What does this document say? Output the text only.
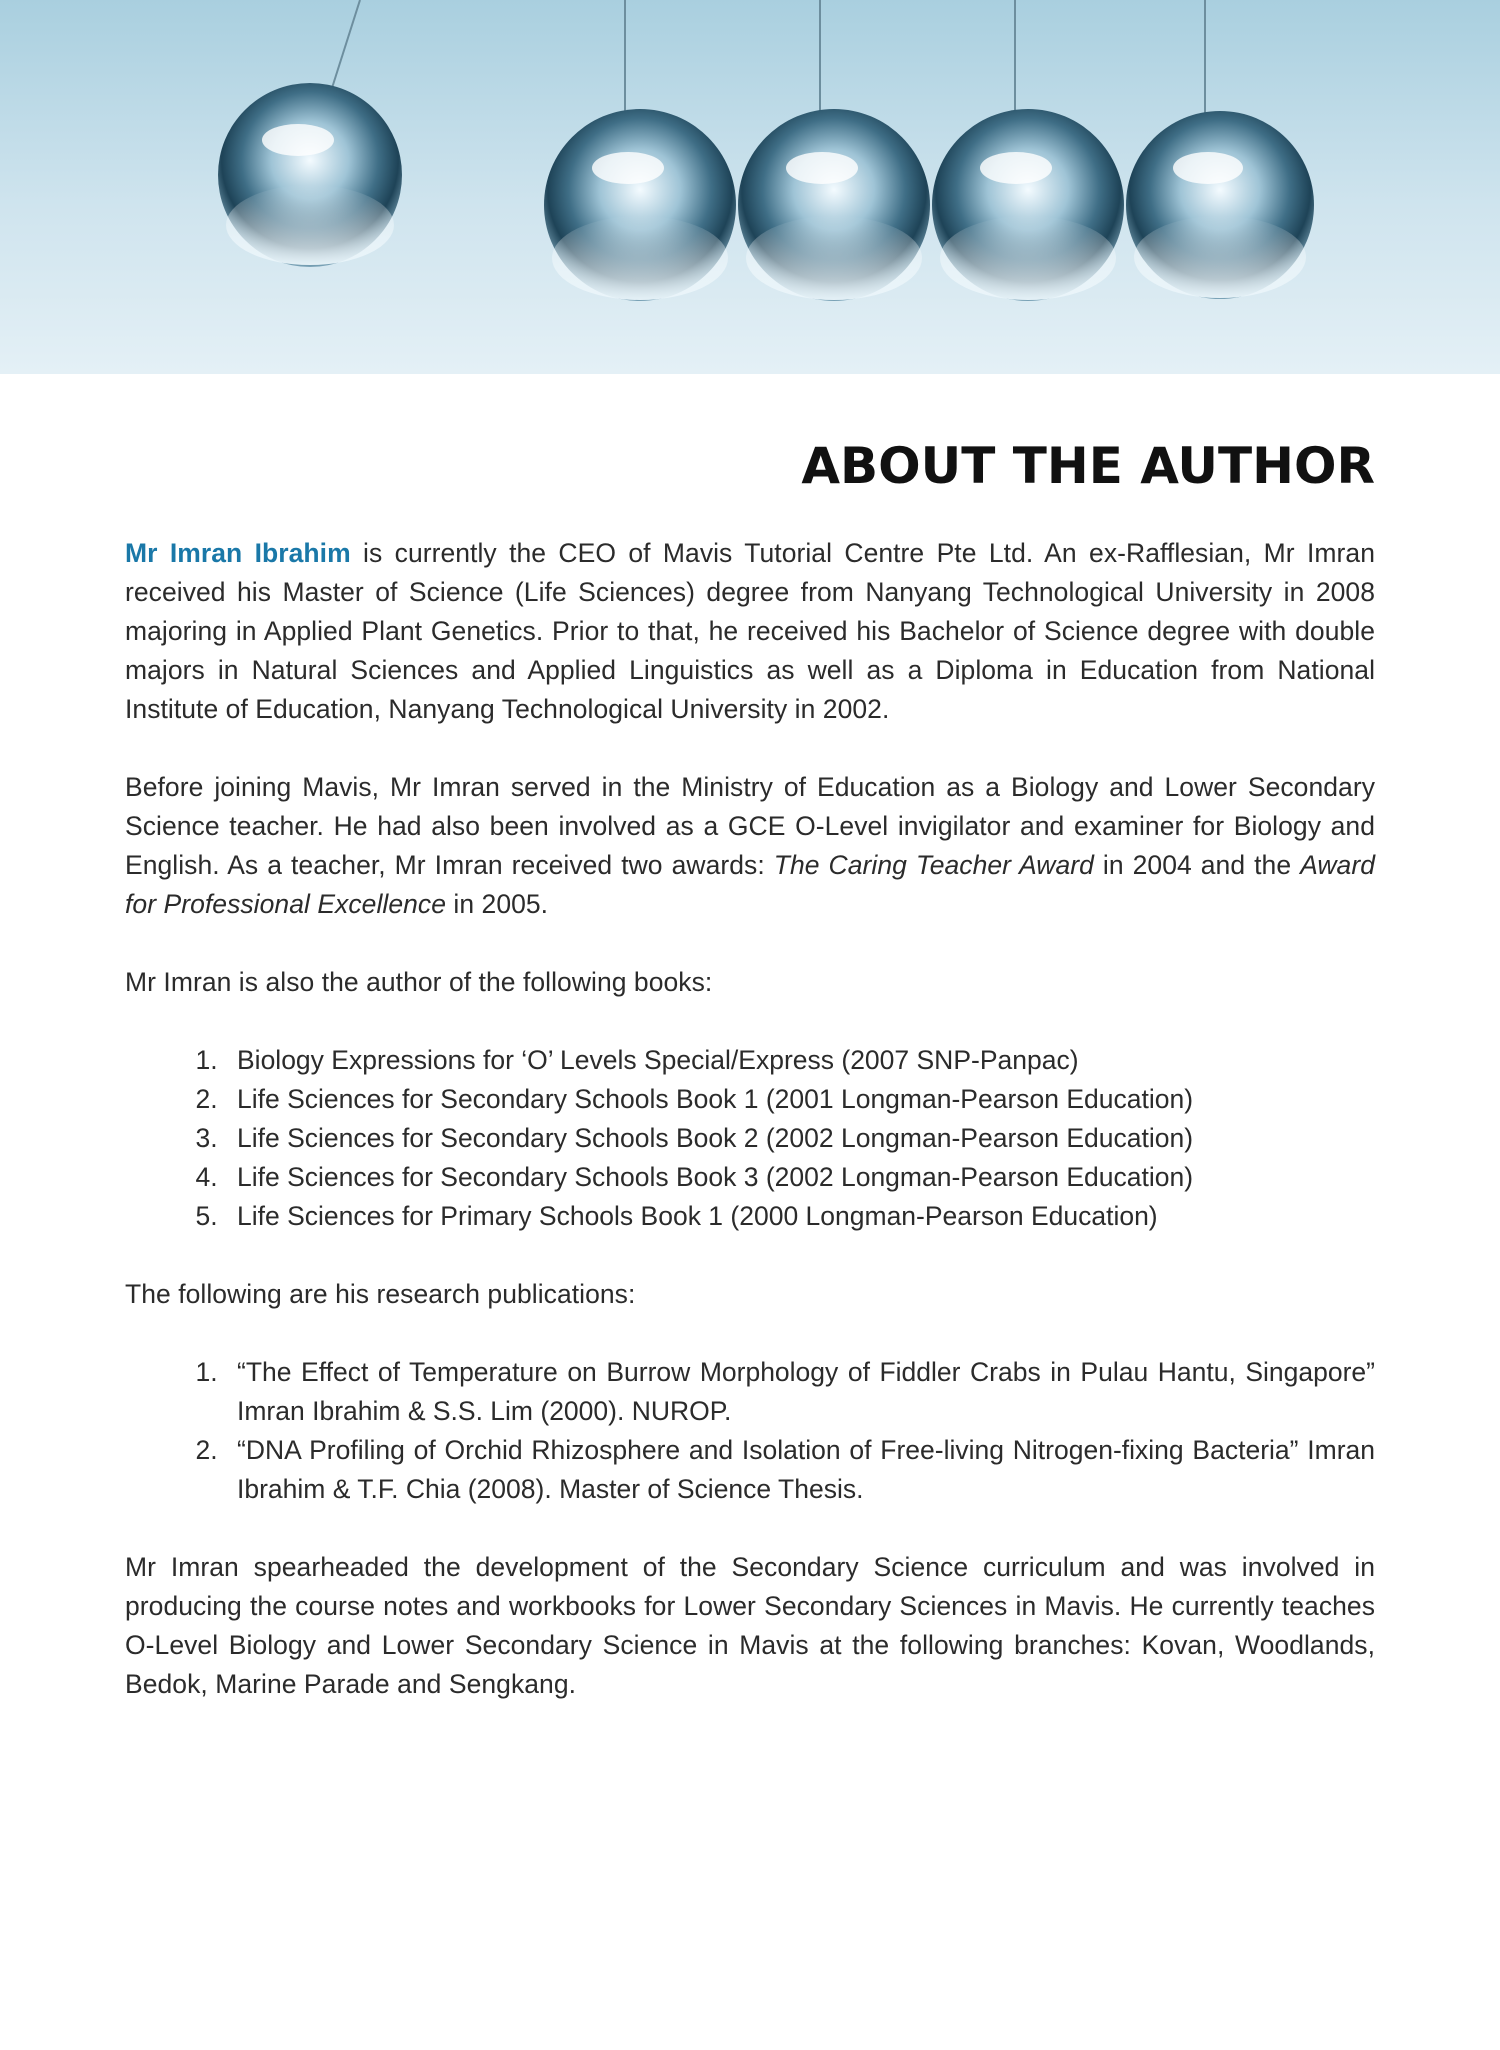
ABOUT THE AUTHOR

Mr Imran Ibrahim is currently the CEO of Mavis Tutorial Centre Pte Ltd. An ex-Rafflesian, Mr Imran received his Master of Science (Life Sciences) degree from Nanyang Technological University in 2008 majoring in Applied Plant Genetics. Prior to that, he received his Bachelor of Science degree with double majors in Natural Sciences and Applied Linguistics as well as a Diploma in Education from National Institute of Education, Nanyang Technological University in 2002.

Before joining Mavis, Mr Imran served in the Ministry of Education as a Biology and Lower Secondary Science teacher. He had also been involved as a GCE O-Level invigilator and examiner for Biology and English. As a teacher, Mr Imran received two awards: The Caring Teacher Award in 2004 and the Award for Professional Excellence in 2005.

Mr Imran is also the author of the following books:

1. Biology Expressions for ‘O’ Levels Special/Express (2007 SNP-Panpac)
2. Life Sciences for Secondary Schools Book 1 (2001 Longman-Pearson Education)
3. Life Sciences for Secondary Schools Book 2 (2002 Longman-Pearson Education)
4. Life Sciences for Secondary Schools Book 3 (2002 Longman-Pearson Education)
5. Life Sciences for Primary Schools Book 1 (2000 Longman-Pearson Education)

The following are his research publications:

1. “The Effect of Temperature on Burrow Morphology of Fiddler Crabs in Pulau Hantu, Singapore” Imran Ibrahim & S.S. Lim (2000). NUROP.
2. “DNA Profiling of Orchid Rhizosphere and Isolation of Free-living Nitrogen-fixing Bacteria” Imran Ibrahim & T.F. Chia (2008). Master of Science Thesis.

Mr Imran spearheaded the development of the Secondary Science curriculum and was involved in producing the course notes and workbooks for Lower Secondary Sciences in Mavis. He currently teaches O-Level Biology and Lower Secondary Science in Mavis at the following branches: Kovan, Woodlands, Bedok, Marine Parade and Sengkang.
